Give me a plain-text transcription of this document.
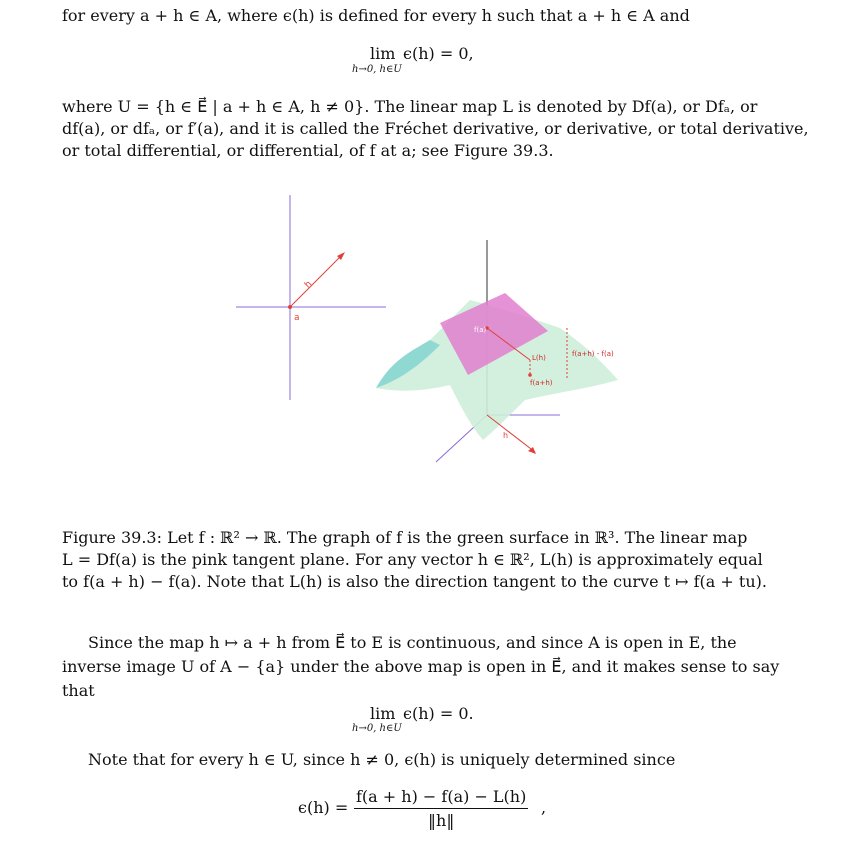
for every a + h ∈ A, where ϵ(h) is defined for every h such that a + h ∈ A and
lim
h→0, h∈U
ϵ(h) = 0,
where U = {h ∈ E⃗ | a + h ∈ A, h ≠ 0}. The linear map L is denoted by Df(a), or Dfₐ, or
df(a), or dfₐ, or f′(a), and it is called the Fréchet derivative, or derivative, or total derivative,
or total differential, or differential, of f at a; see Figure 39.3.
a
h
f(a)
L(h)
f(a+h)
f(a+h) - f(a)
h
Figure 39.3: Let f : ℝ² → ℝ. The graph of f is the green surface in ℝ³. The linear map
L = Df(a) is the pink tangent plane. For any vector h ∈ ℝ², L(h) is approximately equal
to f(a + h) − f(a). Note that L(h) is also the direction tangent to the curve t ↦ f(a + tu).
Since the map h ↦ a + h from E⃗ to E is continuous, and since A is open in E, the
inverse image U of A − {a} under the above map is open in E⃗, and it makes sense to say
that
lim
h→0, h∈U
ϵ(h) = 0.
Note that for every h ∈ U, since h ≠ 0, ϵ(h) is uniquely determined since
$\epsilon(h) = \frac{f(a + h) - f(a) - L(h)}{‖h‖}$ ,
